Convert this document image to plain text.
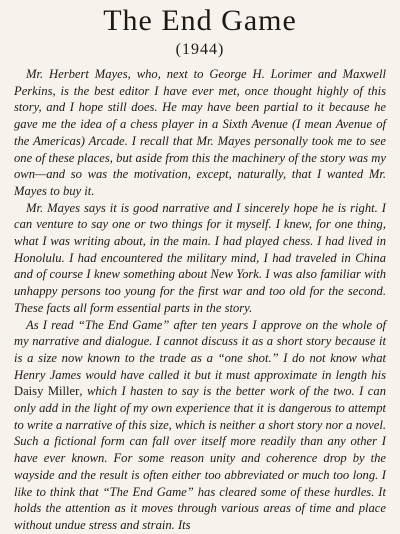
The End Game
(1944)

Mr. Herbert Mayes, who, next to George H. Lorimer and Maxwell Perkins, is the best editor I have ever met, once thought highly of this story, and I hope still does. He may have been partial to it because he gave me the idea of a chess player in a Sixth Avenue (I mean Avenue of the Americas) Arcade. I recall that Mr. Mayes personally took me to see one of these places, but aside from this the machinery of the story was my own—and so was the motivation, except, naturally, that I wanted Mr. Mayes to buy it.

Mr. Mayes says it is good narrative and I sincerely hope he is right. I can venture to say one or two things for it myself. I knew, for one thing, what I was writing about, in the main. I had played chess. I had lived in Honolulu. I had encountered the military mind, I had traveled in China and of course I knew something about New York. I was also familiar with unhappy persons too young for the first war and too old for the second. These facts all form essential parts in the story.

As I read “The End Game” after ten years I approve on the whole of my narrative and dialogue. I cannot discuss it as a short story because it is a size now known to the trade as a “one shot.” I do not know what Henry James would have called it but it must approximate in length his Daisy Miller, which I hasten to say is the better work of the two. I can only add in the light of my own experience that it is dangerous to attempt to write a narrative of this size, which is neither a short story nor a novel. Such a fictional form can fall over itself more readily than any other I have ever known. For some reason unity and coherence drop by the wayside and the result is often either too abbreviated or much too long. I like to think that “The End Game” has cleared some of these hurdles. It holds the attention as it moves through various areas of time and place without undue stress and strain. Its
